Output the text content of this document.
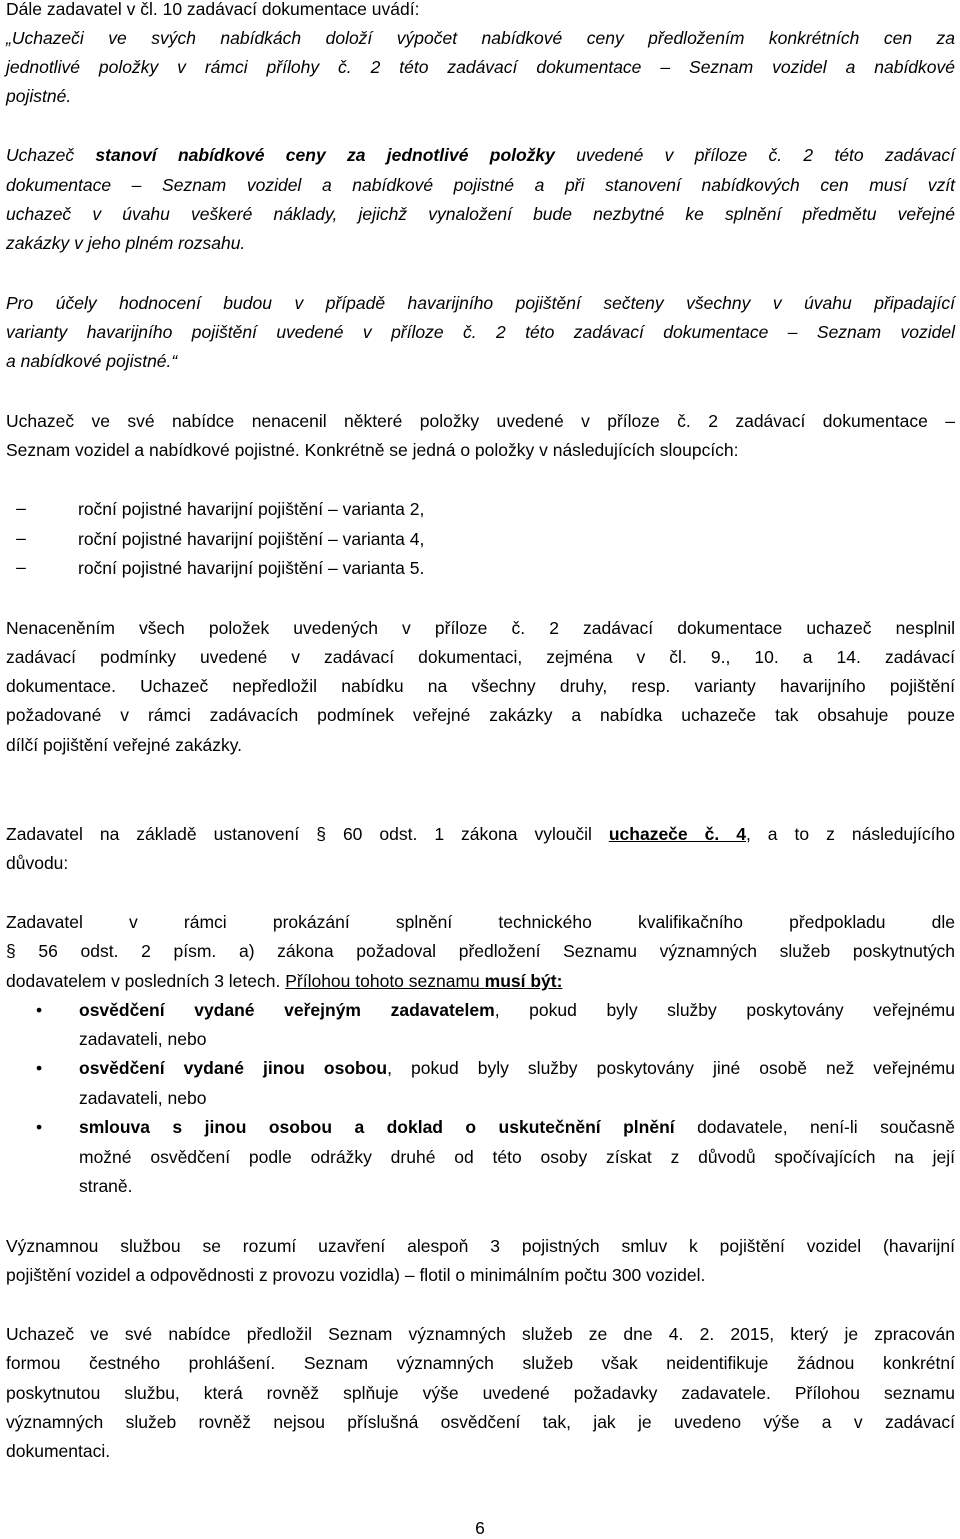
Dále zadavatel v čl. 10 zadávací dokumentace uvádí:
„Uchazeči ve svých nabídkách doloží výpočet nabídkové ceny předložením konkrétních cen za
jednotlivé položky v rámci přílohy č. 2 této zadávací dokumentace – Seznam vozidel a nabídkové
pojistné.
Uchazeč stanoví nabídkové ceny za jednotlivé položky uvedené v příloze č. 2 této zadávací
dokumentace – Seznam vozidel a nabídkové pojistné a při stanovení nabídkových cen musí vzít
uchazeč v úvahu veškeré náklady, jejichž vynaložení bude nezbytné ke splnění předmětu veřejné
zakázky v jeho plném rozsahu.
Pro účely hodnocení budou v případě havarijního pojištění sečteny všechny v úvahu připadající
varianty havarijního pojištění uvedené v příloze č. 2 této zadávací dokumentace – Seznam vozidel
a nabídkové pojistné.“
Uchazeč ve své nabídce nenacenil některé položky uvedené v příloze č. 2 zadávací dokumentace –
Seznam vozidel a nabídkové pojistné. Konkrétně se jedná o položky v následujících sloupcích:
–	roční pojistné havarijní pojištění – varianta 2,
–	roční pojistné havarijní pojištění – varianta 4,
–	roční pojistné havarijní pojištění – varianta 5.
Nenaceněním všech položek uvedených v příloze č. 2 zadávací dokumentace uchazeč nesplnil
zadávací podmínky uvedené v zadávací dokumentaci, zejména v čl. 9., 10. a 14. zadávací
dokumentace. Uchazeč nepředložil nabídku na všechny druhy, resp. varianty havarijního pojištění
požadované v rámci zadávacích podmínek veřejné zakázky a nabídka uchazeče tak obsahuje pouze
dílčí pojištění veřejné zakázky.
Zadavatel na základě ustanovení § 60 odst. 1 zákona vyloučil uchazeče č. 4, a to z následujícího
důvodu:
Zadavatel v rámci prokázání splnění technického kvalifikačního předpokladu dle
§ 56 odst. 2 písm. a) zákona požadoval předložení Seznamu významných služeb poskytnutých
dodavatelem v posledních 3 letech. Přílohou tohoto seznamu musí být:
• osvědčení vydané veřejným zadavatelem, pokud byly služby poskytovány veřejnému
zadavateli, nebo
• osvědčení vydané jinou osobou, pokud byly služby poskytovány jiné osobě než veřejnému
zadavateli, nebo
• smlouva s jinou osobou a doklad o uskutečnění plnění dodavatele, není-li současně
možné osvědčení podle odrážky druhé od této osoby získat z důvodů spočívajících na její
straně.
Významnou službou se rozumí uzavření alespoň 3 pojistných smluv k pojištění vozidel (havarijní
pojištění vozidel a odpovědnosti z provozu vozidla) – flotil o minimálním počtu 300 vozidel.
Uchazeč ve své nabídce předložil Seznam významných služeb ze dne 4. 2. 2015, který je zpracován
formou čestného prohlášení. Seznam významných služeb však neidentifikuje žádnou konkrétní
poskytnutou službu, která rovněž splňuje výše uvedené požadavky zadavatele. Přílohou seznamu
významných služeb rovněž nejsou příslušná osvědčení tak, jak je uvedeno výše a v zadávací
dokumentaci.
6
